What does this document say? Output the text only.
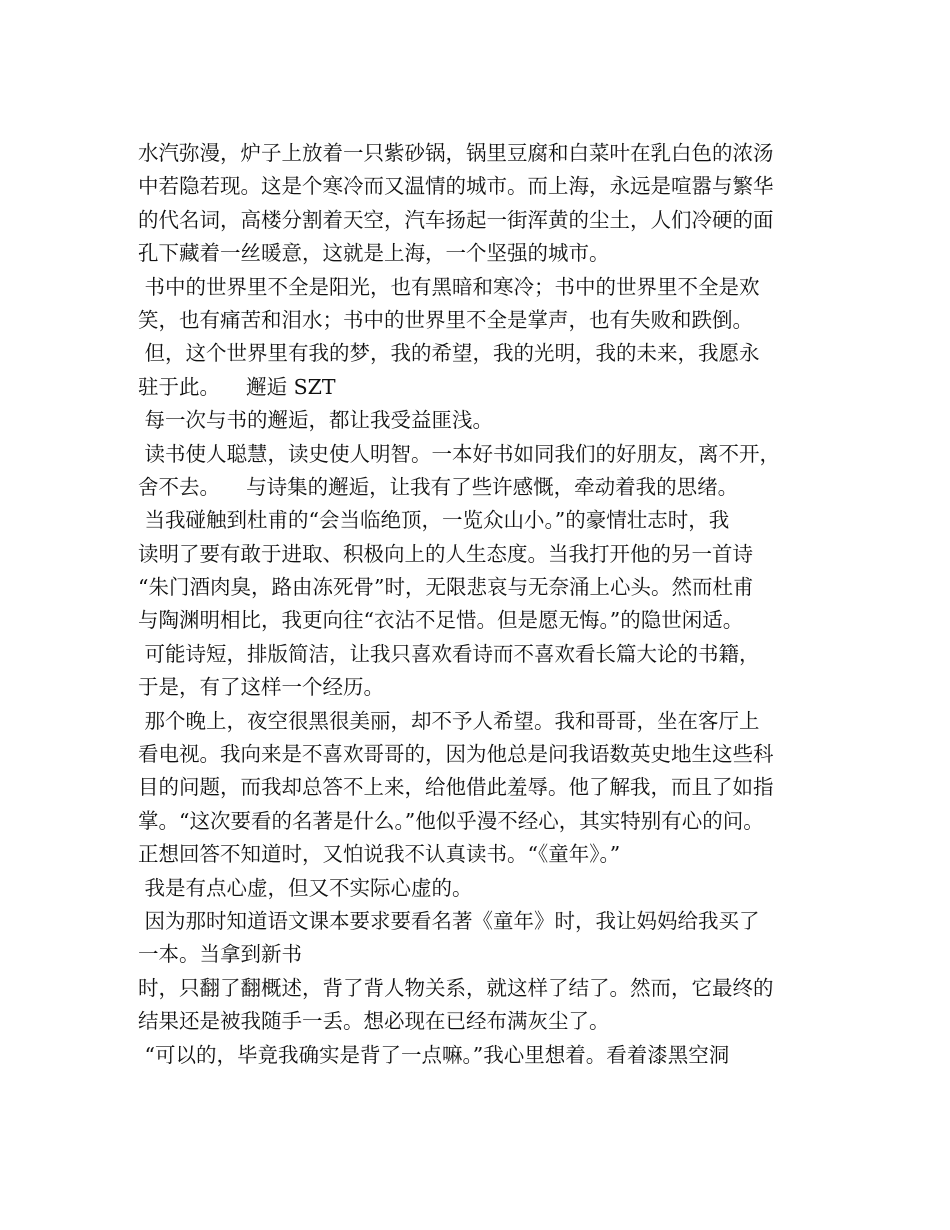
水汽弥漫，炉子上放着一只紫砂锅，锅里豆腐和白菜叶在乳白色的浓汤
中若隐若现。这是个寒冷而又温情的城市。而上海，永远是喧嚣与繁华
的代名词，高楼分割着天空，汽车扬起一街浑黄的尘土，人们冷硬的面
孔下藏着一丝暖意，这就是上海，一个坚强的城市。
书中的世界里不全是阳光，也有黑暗和寒冷；书中的世界里不全是欢
笑，也有痛苦和泪水；书中的世界里不全是掌声，也有失败和跌倒。
但，这个世界里有我的梦，我的希望，我的光明，我的未来，我愿永
驻于此。    邂逅 SZT
每一次与书的邂逅，都让我受益匪浅。
读书使人聪慧，读史使人明智。一本好书如同我们的好朋友，离不开，
舍不去。    与诗集的邂逅，让我有了些许感慨，牵动着我的思绪。
当我碰触到杜甫的“会当临绝顶，一览众山小。”的豪情壮志时，我
读明了要有敢于进取、积极向上的人生态度。当我打开他的另一首诗
“朱门酒肉臭，路由冻死骨”时，无限悲哀与无奈涌上心头。然而杜甫
与陶渊明相比，我更向往“衣沾不足惜。但是愿无悔。”的隐世闲适。
可能诗短，排版简洁，让我只喜欢看诗而不喜欢看长篇大论的书籍，
于是，有了这样一个经历。
那个晚上，夜空很黑很美丽，却不予人希望。我和哥哥，坐在客厅上
看电视。我向来是不喜欢哥哥的，因为他总是问我语数英史地生这些科
目的问题，而我却总答不上来，给他借此羞辱。他了解我，而且了如指
掌。“这次要看的名著是什么。”他似乎漫不经心，其实特别有心的问。
正想回答不知道时，又怕说我不认真读书。“《童年》。”
我是有点心虚，但又不实际心虚的。
因为那时知道语文课本要求要看名著《童年》时，我让妈妈给我买了
一本。当拿到新书
时，只翻了翻概述，背了背人物关系，就这样了结了。然而，它最终的
结果还是被我随手一丢。想必现在已经布满灰尘了。
“可以的，毕竟我确实是背了一点嘛。”我心里想着。看着漆黑空洞
